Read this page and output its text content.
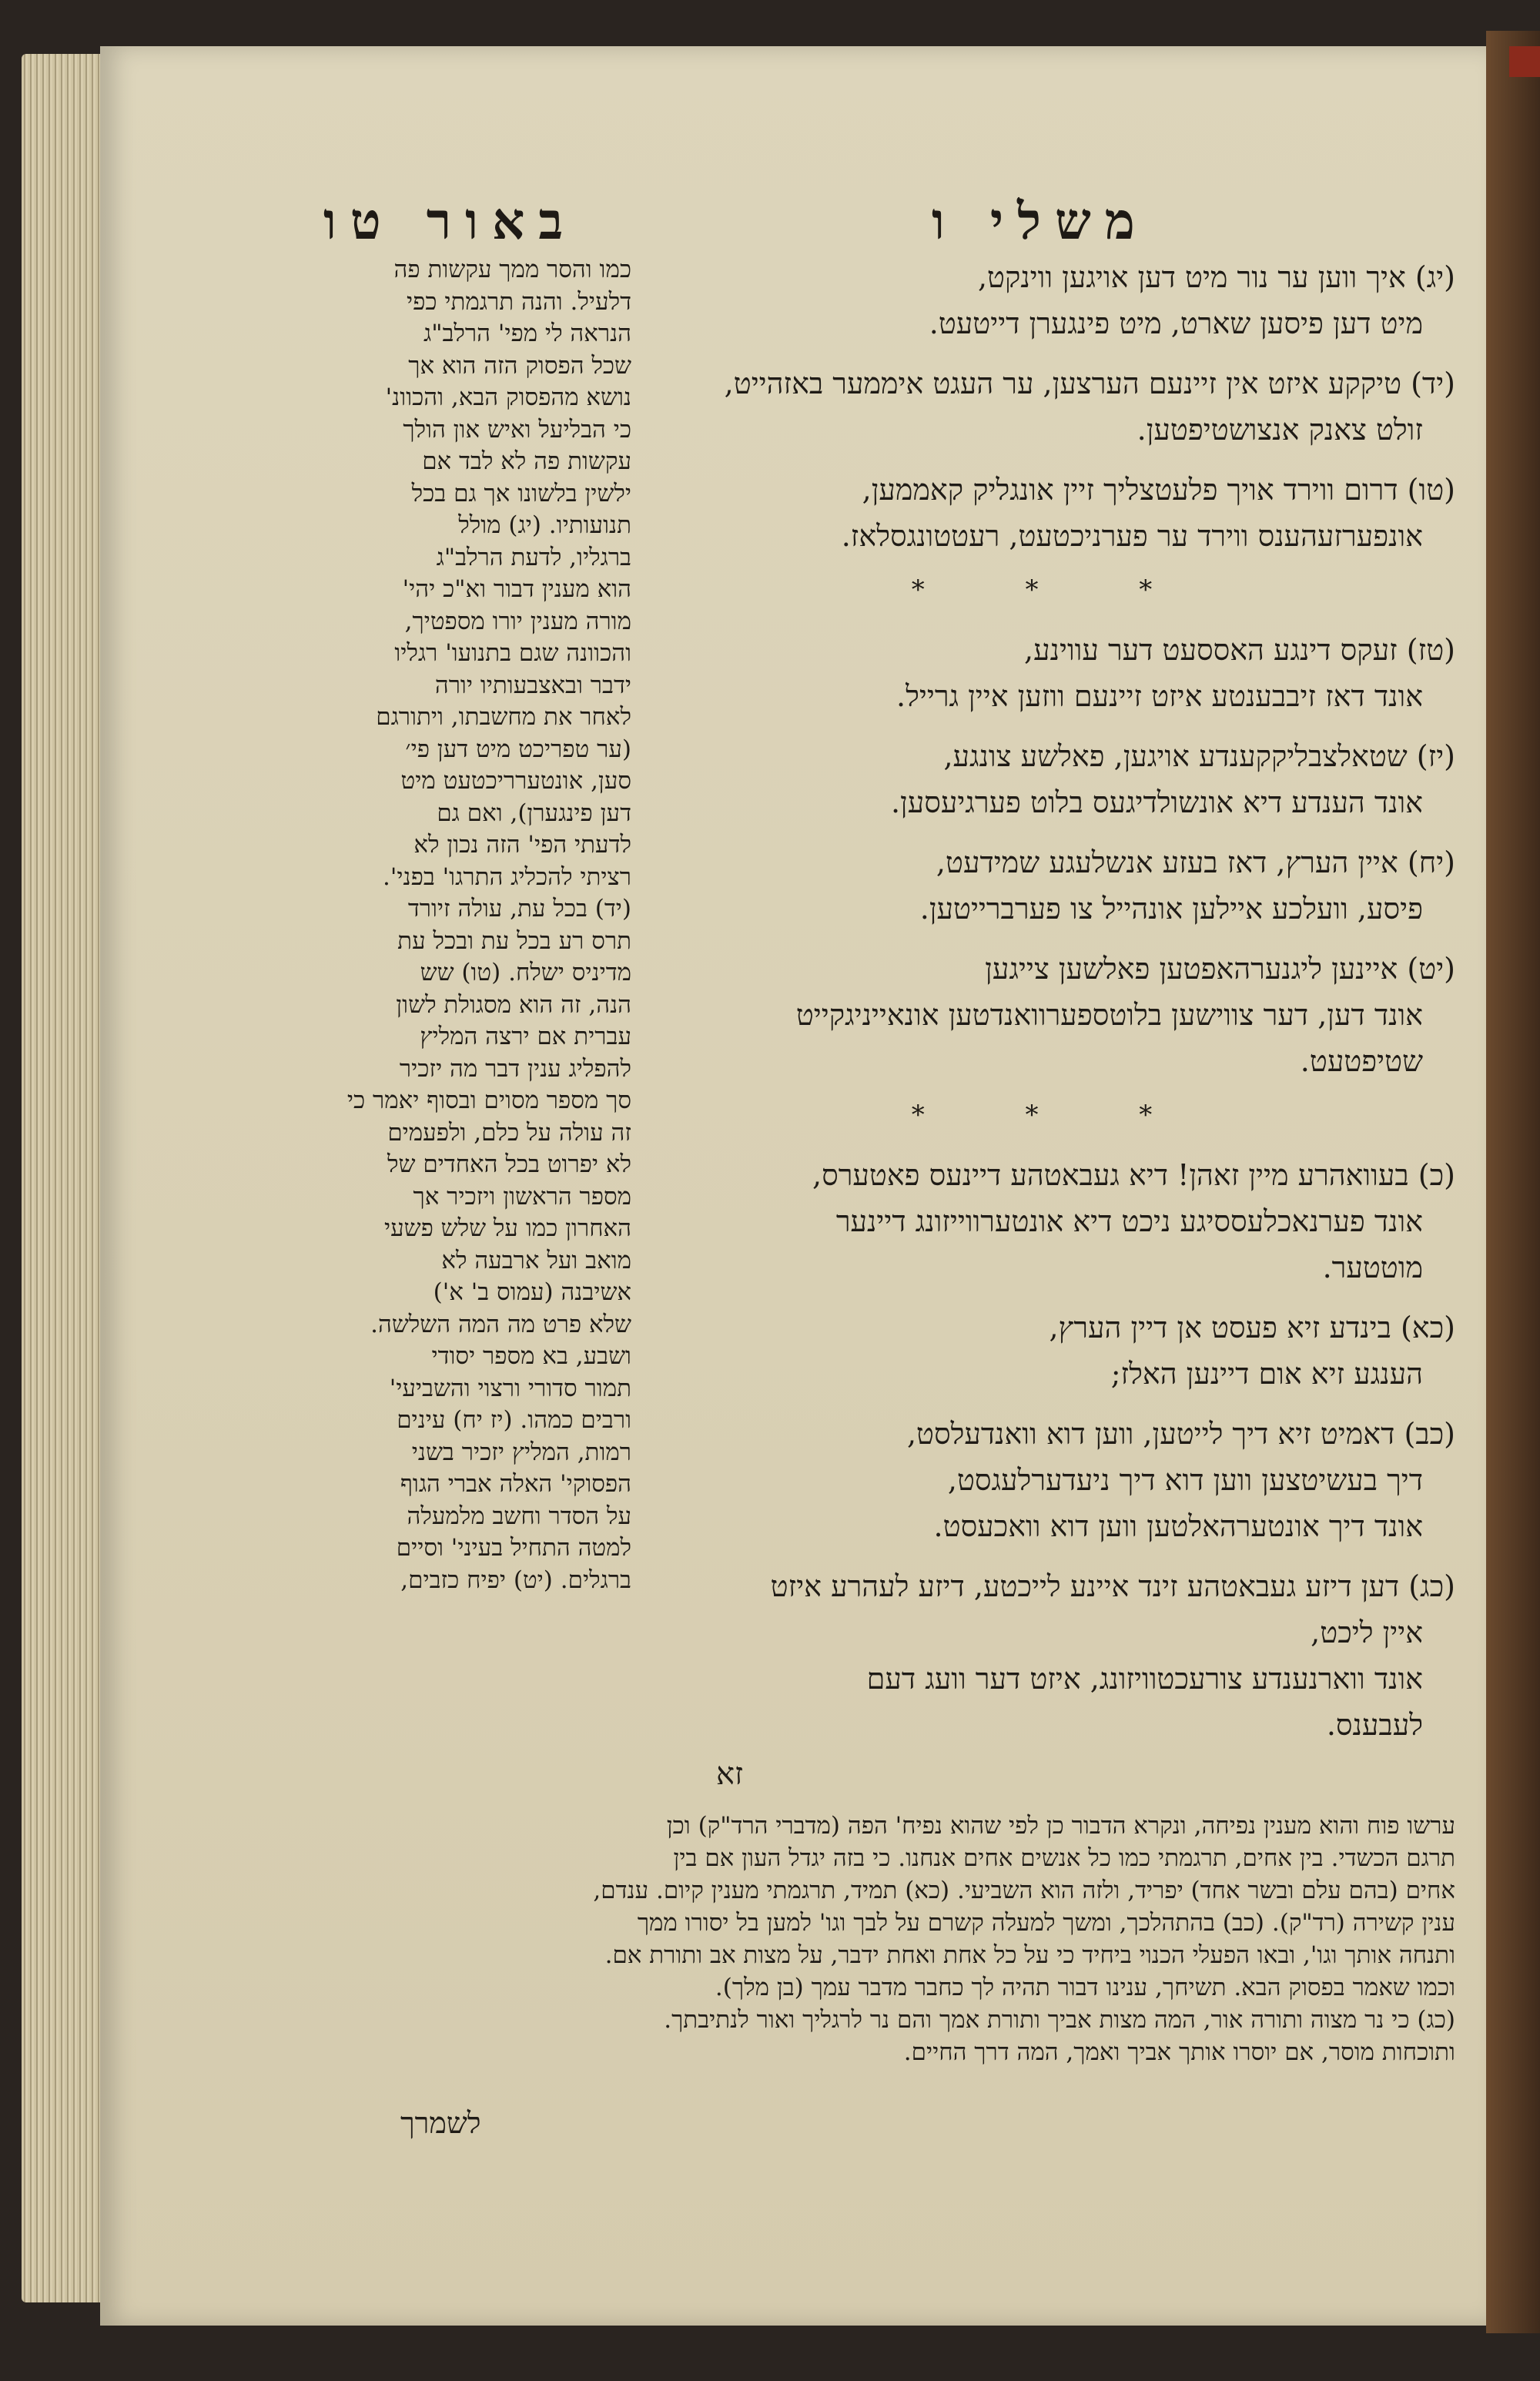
משלי ו
באור טו
(יג) איך ווען ער נור מיט דען אויגען ווינקט,
מיט דען פיסען שארט, מיט פינגערן דייטעט.
(יד) טיקקע איזט אין זיינעם הערצען, ער העגט איממער באזהייט,
זולט צאנק אנצושטיפטען.
(טו) דרום ווירד אויך פלעטצליך זיין אונגליק קאממען,
אונפערזעהענס ווירד ער פערניכטעט, רעטטונגסלאז.
* * *
(טז) זעקס דינגע האססעט דער עווינע,
אונד דאז זיבבענטע איזט זיינעם ווזען איין גרייל.
(יז) שטאלצבליקקענדע אויגען, פאלשע צונגע,
אונד הענדע דיא אונשולדיגעס בלוט פערגיעסען.
(יח) איין הערץ, דאז בעזע אנשלעגע שמידעט,
פיסע, וועלכע איילען אונהייל צו פערברייטען.
(יט) איינען ליגנערהאפטען פאלשען צייגען
אונד דען, דער צווישען בלוטספערוואנדטען אונאייניגקייט
שטיפטעט.
* * *
(כ) בעוואהרע מיין זאהן! דיא געבאטהע דיינעס פאטערס,
אונד פערנאכלעססיגע ניכט דיא אונטערווייזונג דיינער
מוטטער.
(כא) בינדע זיא פעסט אן דיין הערץ,
הענגע זיא אום דיינען האלז;
(כב) דאמיט זיא דיך לייטען, ווען דוא וואנדעלסט,
דיך בעשיטצען ווען דוא דיך ניעדערלעגסט,
אונד דיך אונטערהאלטען ווען דוא וואכעסט.
(כג) דען דיזע געבאטהע זינד איינע לייכטע, דיזע לעהרע איזט
איין ליכט,
אונד ווארנענדע צורעכטוויזונג, איזט דער וועג דעם
לעבענס.
זא
כמו והסר ממך עקשות פה
דלעיל. והנה תרגמתי כפי
הנראה לי מפי' הרלב"ג
שכל הפסוק הזה הוא אך
נושא מהפסוק הבא, והכוונ'
כי הבליעל ואיש און הולך
עקשות פה לא לבד אם
ילשין בלשונו אך גם בכל
תנועותיו. (יג) מולל
ברגליו, לדעת הרלב"ג
הוא מענין דבור וא"כ יהי'
מורה מענין יורו מספטיך,
והכוונה שגם בתנועו' רגליו
ידבר ובאצבעותיו יורה
לאחר את מחשבתו, ויתורגם
(ער טפריכט מיט דען פי׳
סען, אונטערריכטעט מיט
דען פינגערן), ואם גם
לדעתי הפי' הזה נכון לא
רציתי להכליג התרגו' בפני'.
(יד) בכל עת, עולה זיורד
תרס רע בכל עת ובכל עת
מדיניס ישלח. (טו) שש
הנה, זה הוא מסגולת לשון
עברית אם ירצה המליץ
להפליג ענין דבר מה יזכיר
סך מספר מסוים ובסוף יאמר כי
זה עולה על כלם, ולפעמים
לא יפרוט בכל האחדים של
מספר הראשון ויזכיר אך
האחרון כמו על שלש פשעי
מואב ועל ארבעה לא
אשיבנה (עמוס ב' א')
שלא פרט מה המה השלשה.
ושבע, בא מספר יסודי
תמור סדורי ורצוי והשביעי'
ורבים כמהו. (יז יח) עינים
רמות, המליץ יזכיר בשני
הפסוקי' האלה אברי הגוף
על הסדר וחשב מלמעלה
למטה התחיל בעיני' וסיים
ברגלים. (יט) יפיח כזבים,
ערשו פוח והוא מענין נפיחה, ונקרא הדבור כן לפי שהוא נפיח' הפה (מדברי הרד"ק) וכן
תרגם הכשדי. בין אחים, תרגמתי כמו כל אנשים אחים אנחנו. כי בזה יגדל העון אם בין
אחים (בהם עלם ובשר אחד) יפריד, ולזה הוא השביעי. (כא) תמיד, תרגמתי מענין קיום. ענדם,
ענין קשירה (רד"ק). (כב) בהתהלכך, ומשך למעלה קשרם על לבך וגו' למען בל יסורו ממך
ותנחה אותך וגו', ובאו הפעלי הכנוי ביחיד כי על כל אחת ואחת ידבר, על מצות אב ותורת אם.
וכמו שאמר בפסוק הבא. תשיחך, ענינו דבור תהיה לך כחבר מדבר עמך (בן מלך).
(כג) כי נר מצוה ותורה אור, המה מצות אביך ותורת אמך והם נר לרגליך ואור לנתיבתך.
ותוכחות מוסר, אם יוסרו אותך אביך ואמך, המה דרך החיים.
לשמרך
